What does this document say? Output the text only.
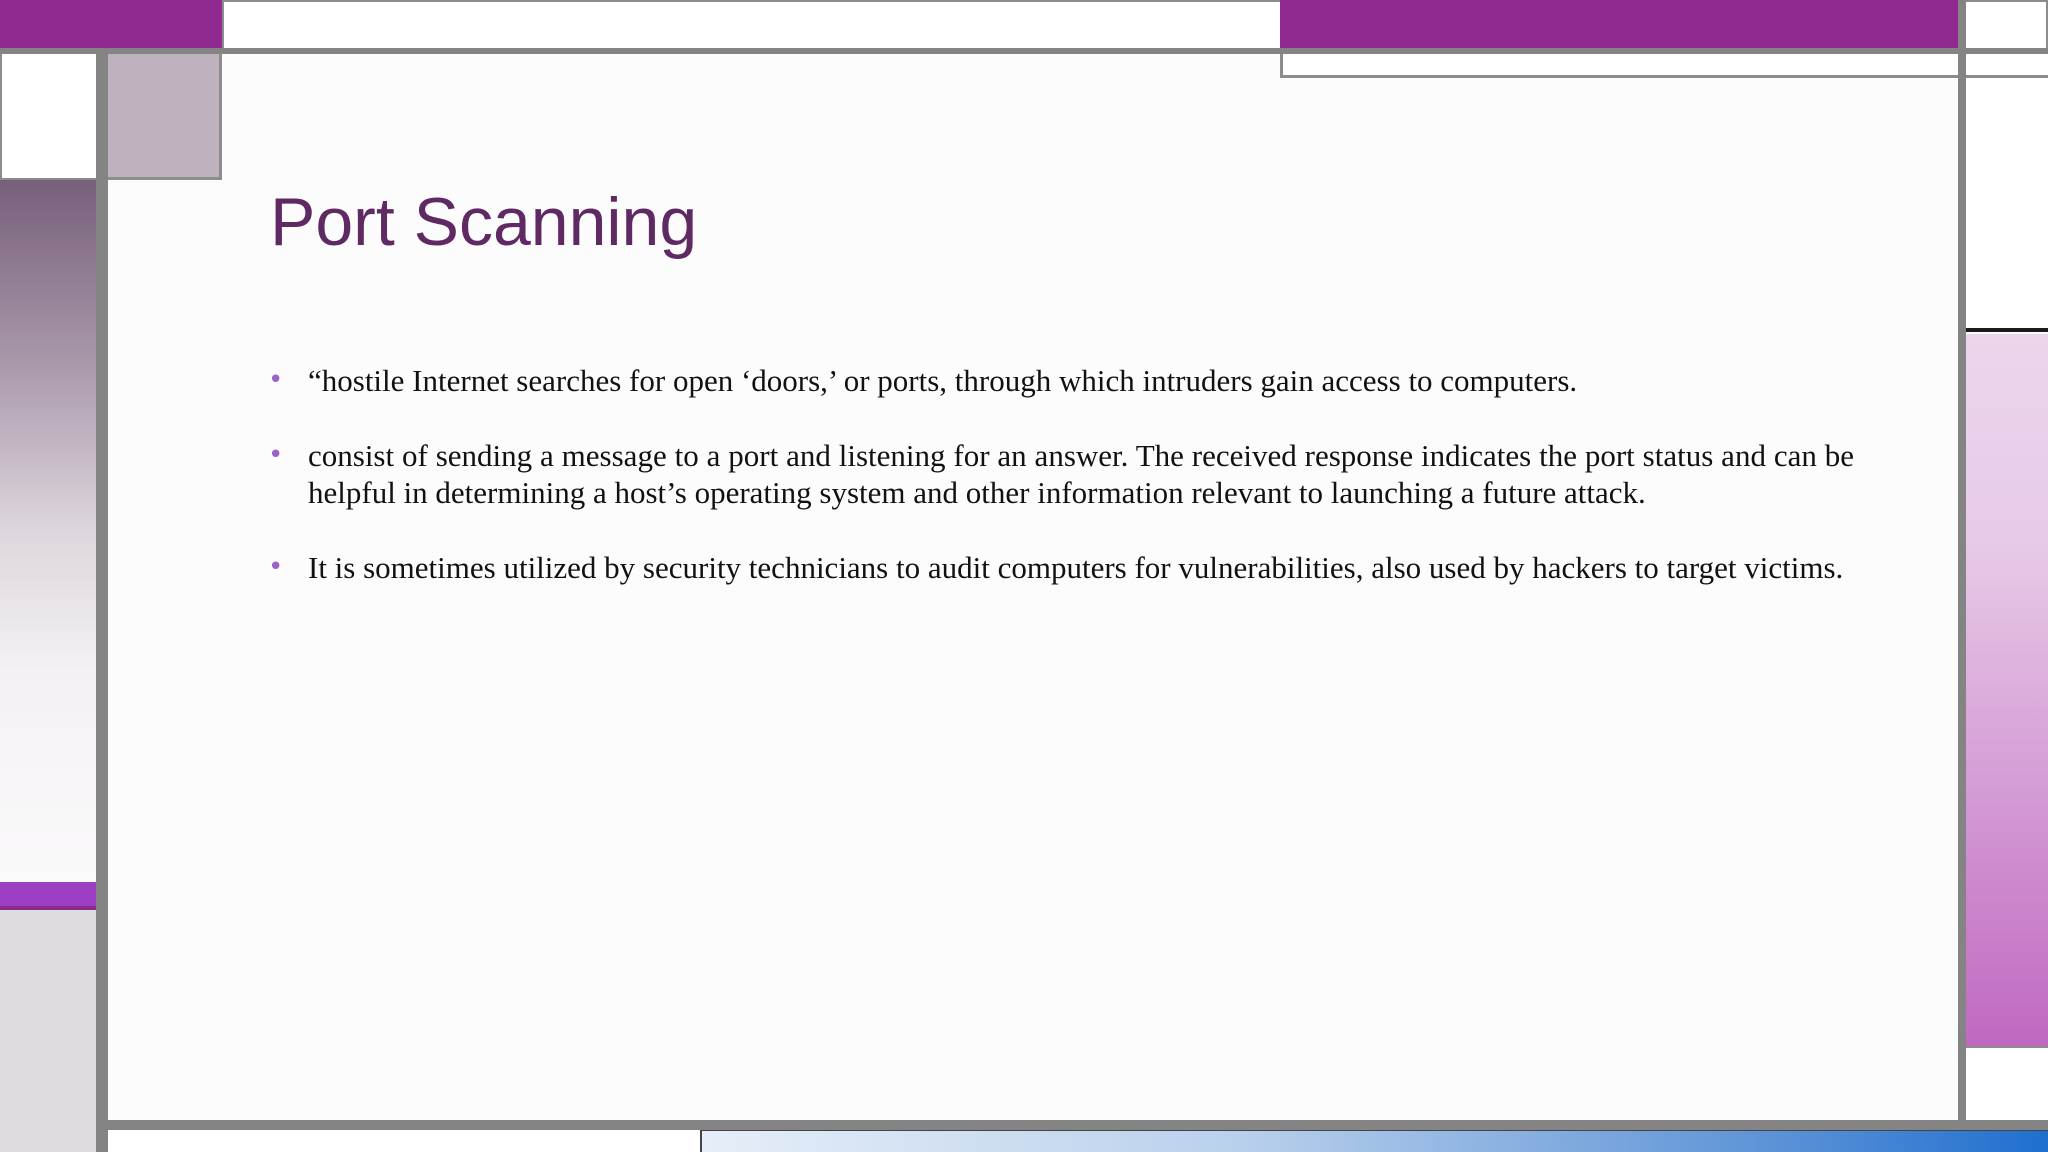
Port Scanning
• “hostile Internet searches for open ‘doors,’ or ports, through which intruders gain access to computers.
• consist of sending a message to a port and listening for an answer. The received response indicates the port status and can be helpful in determining a host’s operating system and other information relevant to launching a future attack.
• It is sometimes utilized by security technicians to audit computers for vulnerabilities, also used by hackers to target victims.
